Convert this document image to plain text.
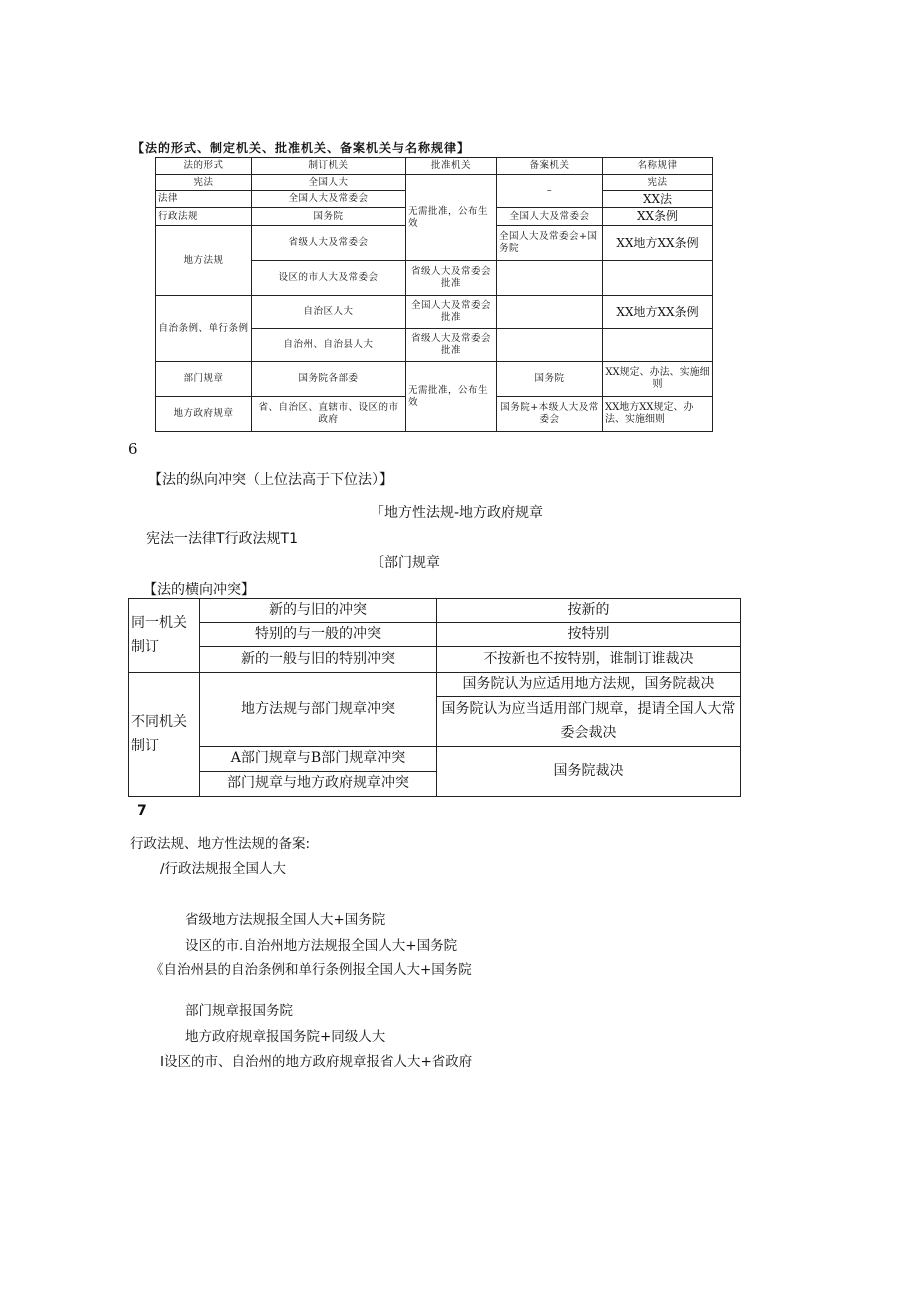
【法的形式、制定机关、批准机关、备案机关与名称规律】
法的形式	制订机关	批准机关	备案机关	名称规律
宪法	全国人大	无需批准，公布生效	–	宪法
法律	全国人大及常委会			XX法
行政法规	国务院		全国人大及常委会	XX条例
地方法规	省级人大及常委会		全国人大及常委会+国务院	XX地方XX条例
	设区的市人大及常委会	省级人大及常委会批准		
自治条例、单行条例	自治区人大	全国人大及常委会批准		XX地方XX条例
	自治州、自治县人大	省级人大及常委会批准		
部门规章	国务院各部委	无需批准，公布生效	国务院	XX规定、办法、实施细则
地方政府规章	省、自治区、直辖市、设区的市政府		国务院+本级人大及常委会	XX地方XX规定、办法、实施细则
6
【法的纵向冲突（上位法高于下位法）】
「地方性法规-地方政府规章
宪法一法律T行政法规T1
〔部门规章
【法的横向冲突】
同一机关制订	新的与旧的冲突	按新的
	特别的与一般的冲突	按特别
	新的一般与旧的特别冲突	不按新也不按特别，谁制订谁裁决
不同机关制订	地方法规与部门规章冲突	国务院认为应适用地方法规，国务院裁决
		国务院认为应当适用部门规章，提请全国人大常委会裁决
	A部门规章与B部门规章冲突	国务院裁决
	部门规章与地方政府规章冲突	
7
行政法规、地方性法规的备案:
/行政法规报全国人大
省级地方法规报全国人大+国务院
设区的市.自治州地方法规报全国人大+国务院
《自治州县的自治条例和单行条例报全国人大+国务院
部门规章报国务院
地方政府规章报国务院+同级人大
I设区的市、自治州的地方政府规章报省人大+省政府
